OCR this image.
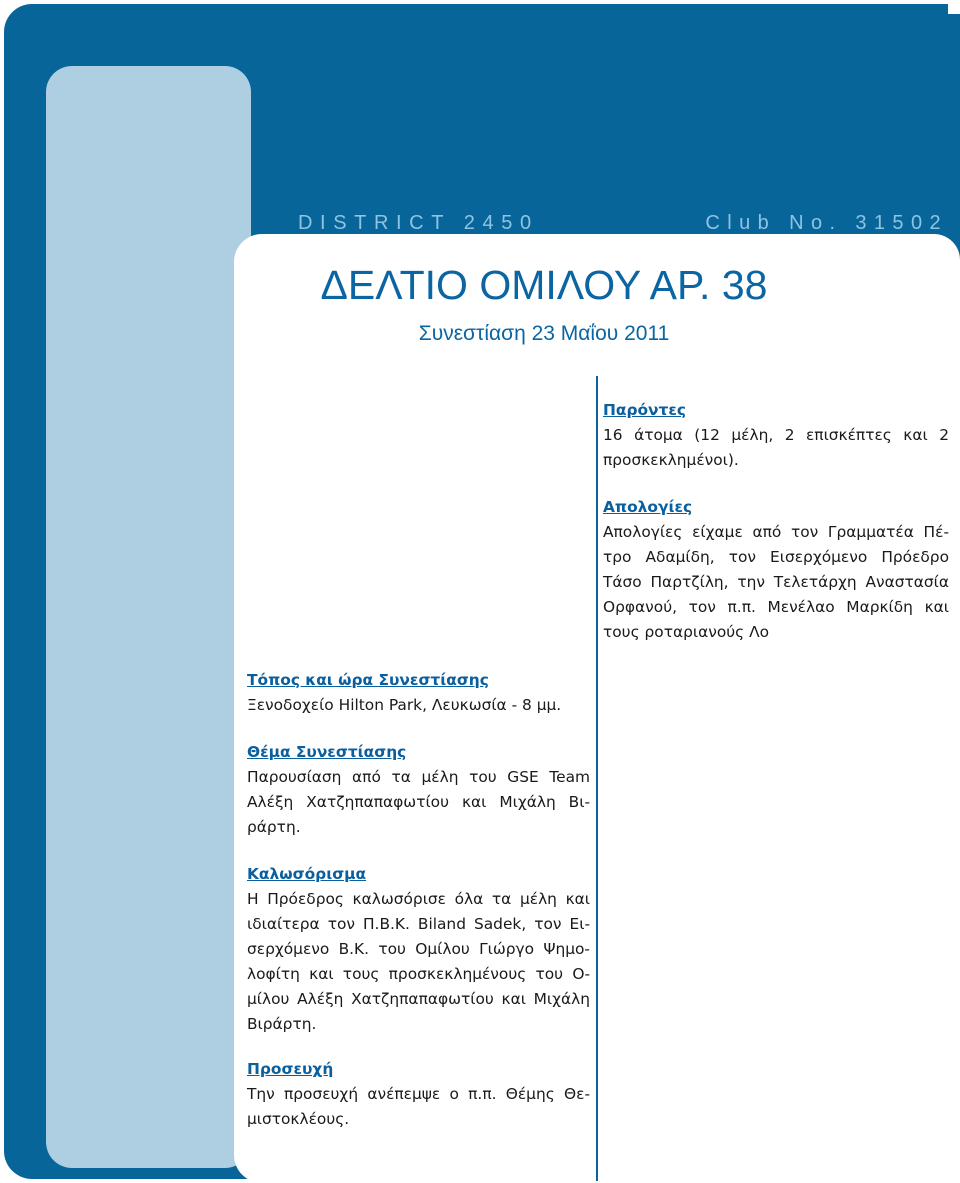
DISTRICT 2450	Club No. 31502
ΔΕΛΤΙΟ ΟΜΙΛΟΥ ΑΡ. 38
Συνεστίαση 23 Μαΐου 2011
Παρόντες
16 άτομα (12 μέλη, 2 επισκέπτες και 2 προσκεκλημένοι).
Απολογίες
Απολογίες είχαμε από τον Γραμματέα Πέ-τρο Αδαμίδη, τον Εισερχόμενο Πρόεδρο Τάσο Παρτζίλη, την Τελετάρχη Αναστασία Ορφανού, τον π.π. Μενέλαο Μαρκίδη και τους ροταριανούς Λο
Τόπος και ώρα Συνεστίασης
Ξενοδοχείο Hilton Park, Λευκωσία - 8 μμ.
Θέμα Συνεστίασης
Παρουσίαση από τα μέλη του GSE Team Αλέξη Χατζηπαπαφωτίου και Μιχάλη Βι-ράρτη.
Καλωσόρισμα
Η Πρόεδρος καλωσόρισε όλα τα μέλη και ιδιαίτερα τον Π.Β.Κ. Biland Sadek, τον Ει-σερχόμενο Β.Κ. του Ομίλου Γιώργο Ψημο-λοφίτη και τους προσκεκλημένους του Ο-μίλου Αλέξη Χατζηπαπαφωτίου και Μιχάλη Βιράρτη.
Προσευχή
Την προσευχή ανέπεμψε ο π.π. Θέμης Θε-μιστοκλέους.
